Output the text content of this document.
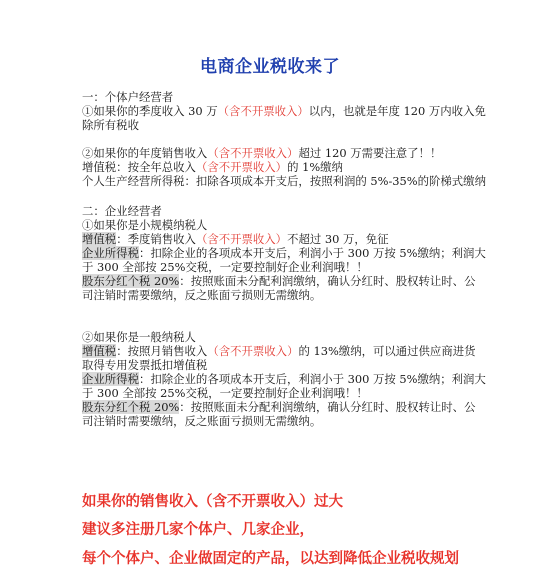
电商企业税收来了
一：个体户经营者
①如果你的季度收入 30 万（含不开票收入）以内，也就是年度 120 万内收入免
除所有税收
②如果你的年度销售收入（含不开票收入）超过 120 万需要注意了！！
增值税：按全年总收入（含不开票收入）的 1%缴纳
个人生产经营所得税：扣除各项成本开支后，按照利润的 5%-35%的阶梯式缴纳
二：企业经营者
①如果你是小规模纳税人
增值税：季度销售收入（含不开票收入）不超过 30 万，免征
企业所得税：扣除企业的各项成本开支后，利润小于 300 万按 5%缴纳；利润大
于 300 全部按 25%交税，一定要控制好企业利润哦！！
股东分红个税 20%：按照账面未分配利润缴纳，确认分红时、股权转让时、公
司注销时需要缴纳，反之账面亏损则无需缴纳。
②如果你是一般纳税人
增值税：按照月销售收入（含不开票收入）的 13%缴纳，可以通过供应商进货
取得专用发票抵扣增值税
企业所得税：扣除企业的各项成本开支后，利润小于 300 万按 5%缴纳；利润大
于 300 全部按 25%交税，一定要控制好企业利润哦！！
股东分红个税 20%：按照账面未分配利润缴纳，确认分红时、股权转让时、公
司注销时需要缴纳，反之账面亏损则无需缴纳。
如果你的销售收入（含不开票收入）过大
建议多注册几家个体户、几家企业，
每个个体户、企业做固定的产品，以达到降低企业税收规划
